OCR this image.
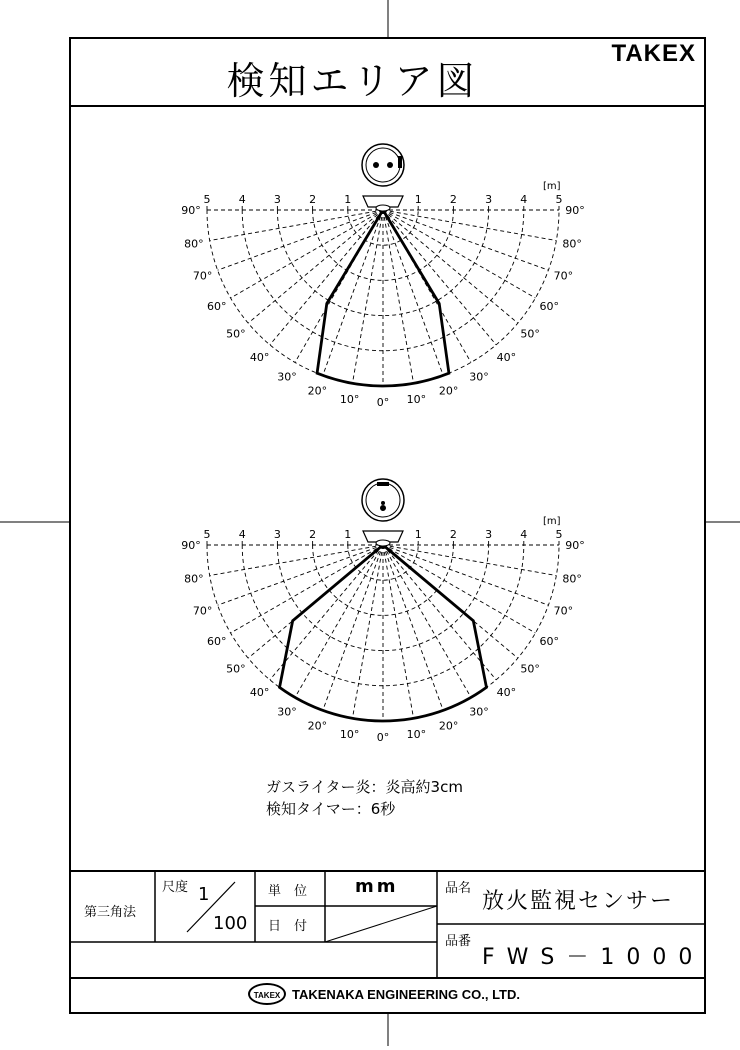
検知エリア図
TAKEX
5	4	3	2	1	1	2	3	4	5
[m]
90°	90°
80°	80°
70°	70°
60°	60°
50°	50°
40°	40°
30°	30°
20°	20°
10°	10°
0°
5	4	3	2	1	1	2	3	4	5
[m]
90°	90°
80°	80°
70°	70°
60°	60°
50°	50°
40°	40°
30°	30°
20°	20°
10°	10°
0°
ガスライター炎：炎高約3cm
検知タイマー：6秒
第三角法
尺度 1
100
単　位	mm
日　付
品名
放火監視センサー
品番
FWS－1000
TAKEX TAKENAKA ENGINEERING CO., LTD.
